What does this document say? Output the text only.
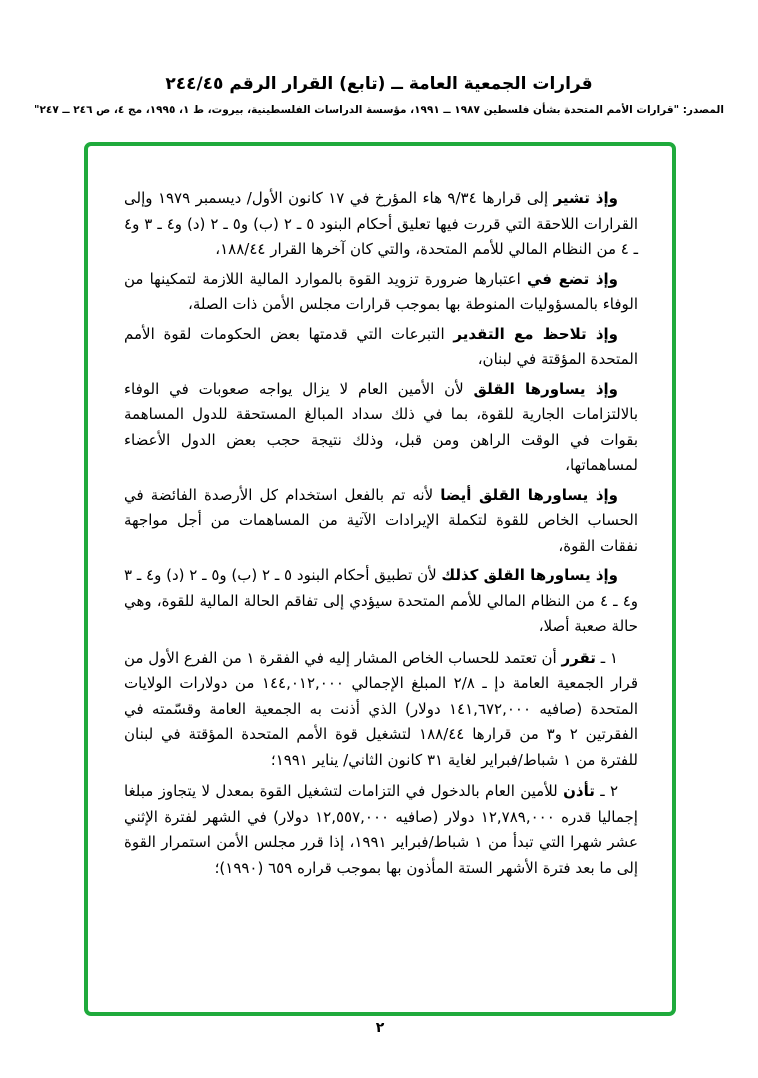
قرارات الجمعية العامة ــ (تابع) القرار الرقم ٢٤٤/٤٥
المصدر: "قرارات الأمم المتحدة بشأن فلسطين ١٩٨٧ ــ ١٩٩١، مؤسسة الدراسات الفلسطينية، بيروت، ط ١، ١٩٩٥، مج ٤، ص ٢٤٦ ــ ٢٤٧"

وإذ تشير إلى قرارها ٩/٣٤ هاء المؤرخ في ١٧ كانون الأول/ ديسمبر ١٩٧٩ وإلى القرارات اللاحقة التي قررت فيها تعليق أحكام البنود ٥ ـ ٢ (ب) و٥ ـ ٢ (د) و٤ ـ ٣ و٤ ـ ٤ من النظام المالي للأمم المتحدة، والتي كان آخرها القرار ١٨٨/٤٤،

وإذ تضع في اعتبارها ضرورة تزويد القوة بالموارد المالية اللازمة لتمكينها من الوفاء بالمسؤوليات المنوطة بها بموجب قرارات مجلس الأمن ذات الصلة،

وإذ تلاحظ مع التقدير التبرعات التي قدمتها بعض الحكومات لقوة الأمم المتحدة المؤقتة في لبنان،

وإذ يساورها القلق لأن الأمين العام لا يزال يواجه صعوبات في الوفاء بالالتزامات الجارية للقوة، بما في ذلك سداد المبالغ المستحقة للدول المساهمة بقوات في الوقت الراهن ومن قبل، وذلك نتيجة حجب بعض الدول الأعضاء لمساهماتها،

وإذ يساورها القلق أيضا لأنه تم بالفعل استخدام كل الأرصدة الفائضة في الحساب الخاص للقوة لتكملة الإيرادات الآتية من المساهمات من أجل مواجهة نفقات القوة،

وإذ يساورها القلق كذلك لأن تطبيق أحكام البنود ٥ ـ ٢ (ب) و٥ ـ ٢ (د) و٤ ـ ٣ و٤ ـ ٤ من النظام المالي للأمم المتحدة سيؤدي إلى تفاقم الحالة المالية للقوة، وهي حالة صعبة أصلا،

١ ـ تقرر أن تعتمد للحساب الخاص المشار إليه في الفقرة ١ من الفرع الأول من قرار الجمعية العامة دإ ـ ٢/٨ المبلغ الإجمالي ١٤٤,٠١٢,٠٠٠ من دولارات الولايات المتحدة (صافيه ١٤١,٦٧٢,٠٠٠ دولار) الذي أذنت به الجمعية العامة وقسّمته في الفقرتين ٢ و٣ من قرارها ١٨٨/٤٤ لتشغيل قوة الأمم المتحدة المؤقتة في لبنان للفترة من ١ شباط/فبراير لغاية ٣١ كانون الثاني/ يناير ١٩٩١؛

٢ ـ تأذن للأمين العام بالدخول في التزامات لتشغيل القوة بمعدل لا يتجاوز مبلغا إجماليا قدره ١٢,٧٨٩,٠٠٠ دولار (صافيه ١٢,٥٥٧,٠٠٠ دولار) في الشهر لفترة الإثني عشر شهرا التي تبدأ من ١ شباط/فبراير ١٩٩١، إذا قرر مجلس الأمن استمرار القوة إلى ما بعد فترة الأشهر الستة المأذون بها بموجب قراره ٦٥٩ (١٩٩٠)؛

٢
